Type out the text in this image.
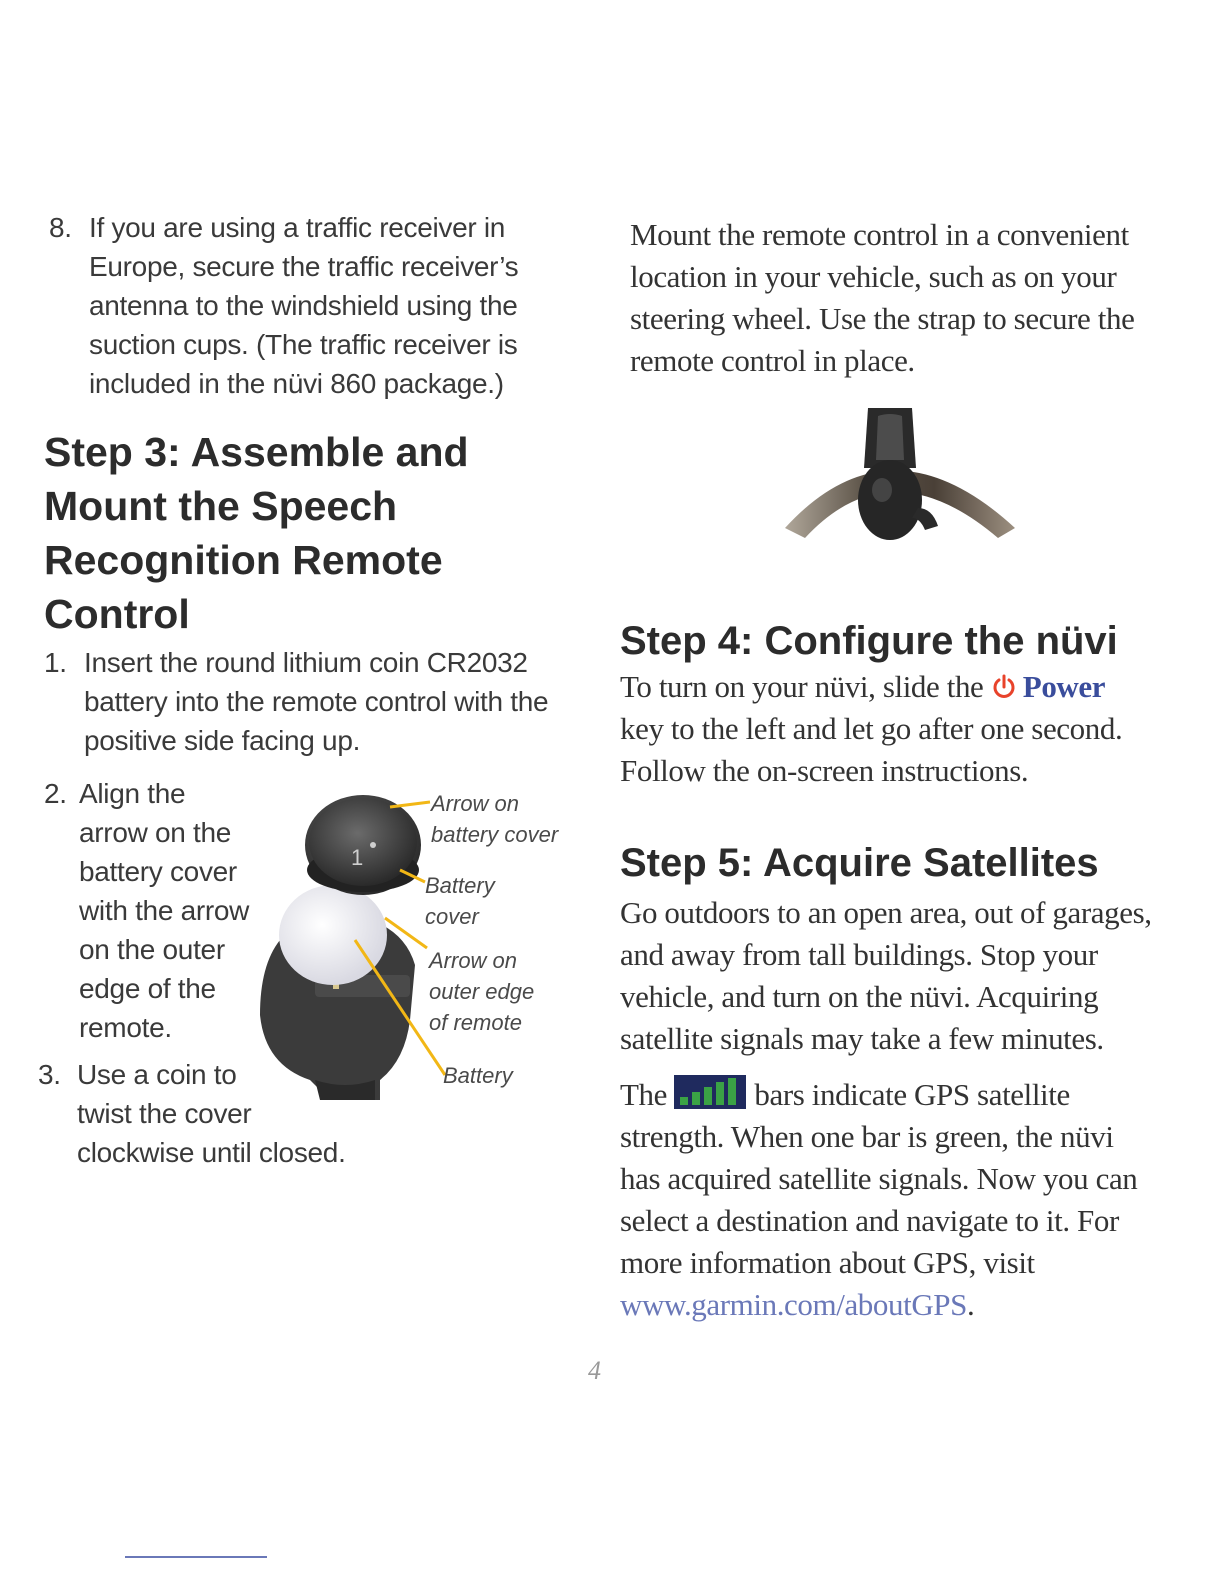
8. If you are using a traffic receiver in
Europe, secure the traffic receiver’s
antenna to the windshield using the
suction cups. (The traffic receiver is
included in the nüvi 860 package.)
Step 3: Assemble and
Mount the Speech
Recognition Remote
Control
1. Insert the round lithium coin CR2032
battery into the remote control with the
positive side facing up.
2. Align the
arrow on the
battery cover
with the arrow
on the outer
edge of the
remote.
3. Use a coin to
twist the cover
clockwise until closed.
1
Arrow on
battery cover
Battery
cover
Arrow on
outer edge
of remote
Battery
Mount the remote control in a convenient
location in your vehicle, such as on your
steering wheel. Use the strap to secure the
remote control in place.
Step 4: Configure the nüvi
To turn on your nüvi, slide the Power
key to the left and let go after one second.
Follow the on-screen instructions.
Step 5: Acquire Satellites
Go outdoors to an open area, out of garages,
and away from tall buildings. Stop your
vehicle, and turn on the nüvi. Acquiring
satellite signals may take a few minutes.
The	bars indicate GPS satellite
strength. When one bar is green, the nüvi
has acquired satellite signals. Now you can
select a destination and navigate to it. For
more information about GPS, visit
www.garmin.com/aboutGPS.
4
